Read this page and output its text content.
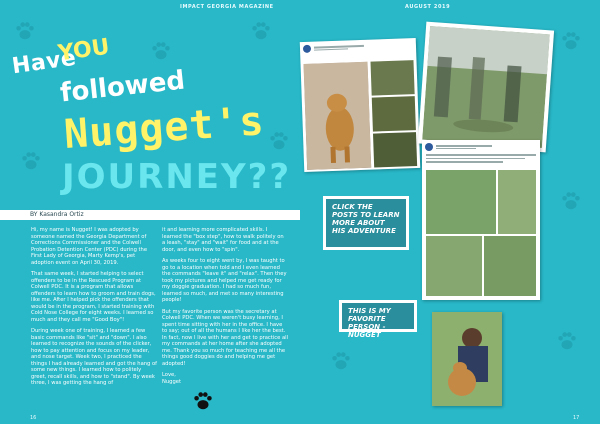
IMPACT GEORGIA MAGAZINE	AUGUST 2019
Have
YOU
followed
Nugget's
JOURNEY??
BY Kasandra Ortiz

Hi, my name is Nugget! I was adopted by someone named the Georgia Department of Corrections Commissioner and the Colwell Probation Detention Center (PDC) during the First Lady of Georgia, Marty Kemp's, pet adoption event on April 30, 2019.

That same week, I started helping to select offenders to be in the Rescued Program at Colwell PDC. It is a program that allows offenders to learn how to groom and train dogs, like me. After I helped pick the offenders that would be in the program, I started training with Cold Nose College for eight weeks. I learned so much and they call me "Good Boy"!

During week one of training, I learned a few basic commands like "sit" and "down". I also learned to recognize the sounds of the clicker, how to pay attention and focus on my leader, and nose target. Week two, I practiced the things I had already learned and got the hang of some new things. I learned how to politely greet, recall skills, and how to "stand". By week three, I was getting the hang of

it and learning more complicated skills. I learned the "box step", how to walk politely on a leash, "stay" and "wait" for food and at the door, and even how to "spin".

As weeks four to eight went by, I was taught to go to a location when told and I even learned the commands "leave it" and "relax". Then they took my pictures and helped me get ready for my doggie graduation. I had so much fun, learned so much, and met so many interesting people!

But my favorite person was the secretary at Colwell PDC. When we weren't busy learning, I spent time sitting with her in the office. I have to say; out of all the humans I like her the best. In fact, now I live with her and get to practice all my commands at her home after she adopted me. Thank you so much for teaching me all the things good doggies do and helping me get adopted!

Love,
Nugget

16	17
CLICK THE POSTS TO LEARN MORE ABOUT HIS ADVENTURE
THIS IS MY FAVORITE PERSON -NUGGET
